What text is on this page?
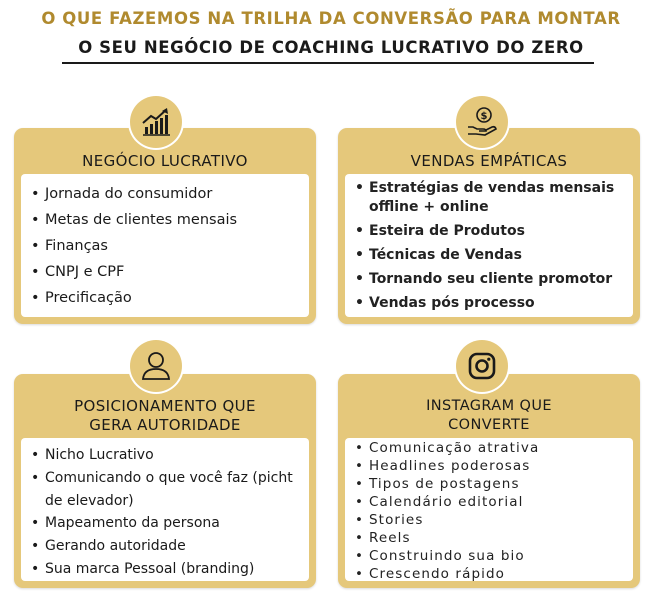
O QUE FAZEMOS NA TRILHA DA CONVERSÃO PARA MONTAR
O SEU NEGÓCIO DE COACHING LUCRATIVO DO ZERO
NEGÓCIO LUCRATIVO
• Jornada do consumidor
• Metas de clientes mensais
• Finanças
• CNPJ e CPF
• Precificação
VENDAS EMPÁTICAS
• Estratégias de vendas mensais offline + online
• Esteira de Produtos
• Técnicas de Vendas
• Tornando seu cliente promotor
• Vendas pós processo
$
POSICIONAMENTO QUE
GERA AUTORIDADE
• Nicho Lucrativo
• Comunicando o que você faz (picht de elevador)
• Mapeamento da persona
• Gerando autoridade
• Sua marca Pessoal (branding)
INSTAGRAM QUE
CONVERTE
• Comunicação atrativa
• Headlines poderosas
• Tipos de postagens
• Calendário editorial
• Stories
• Reels
• Construindo sua bio
• Crescendo rápido
